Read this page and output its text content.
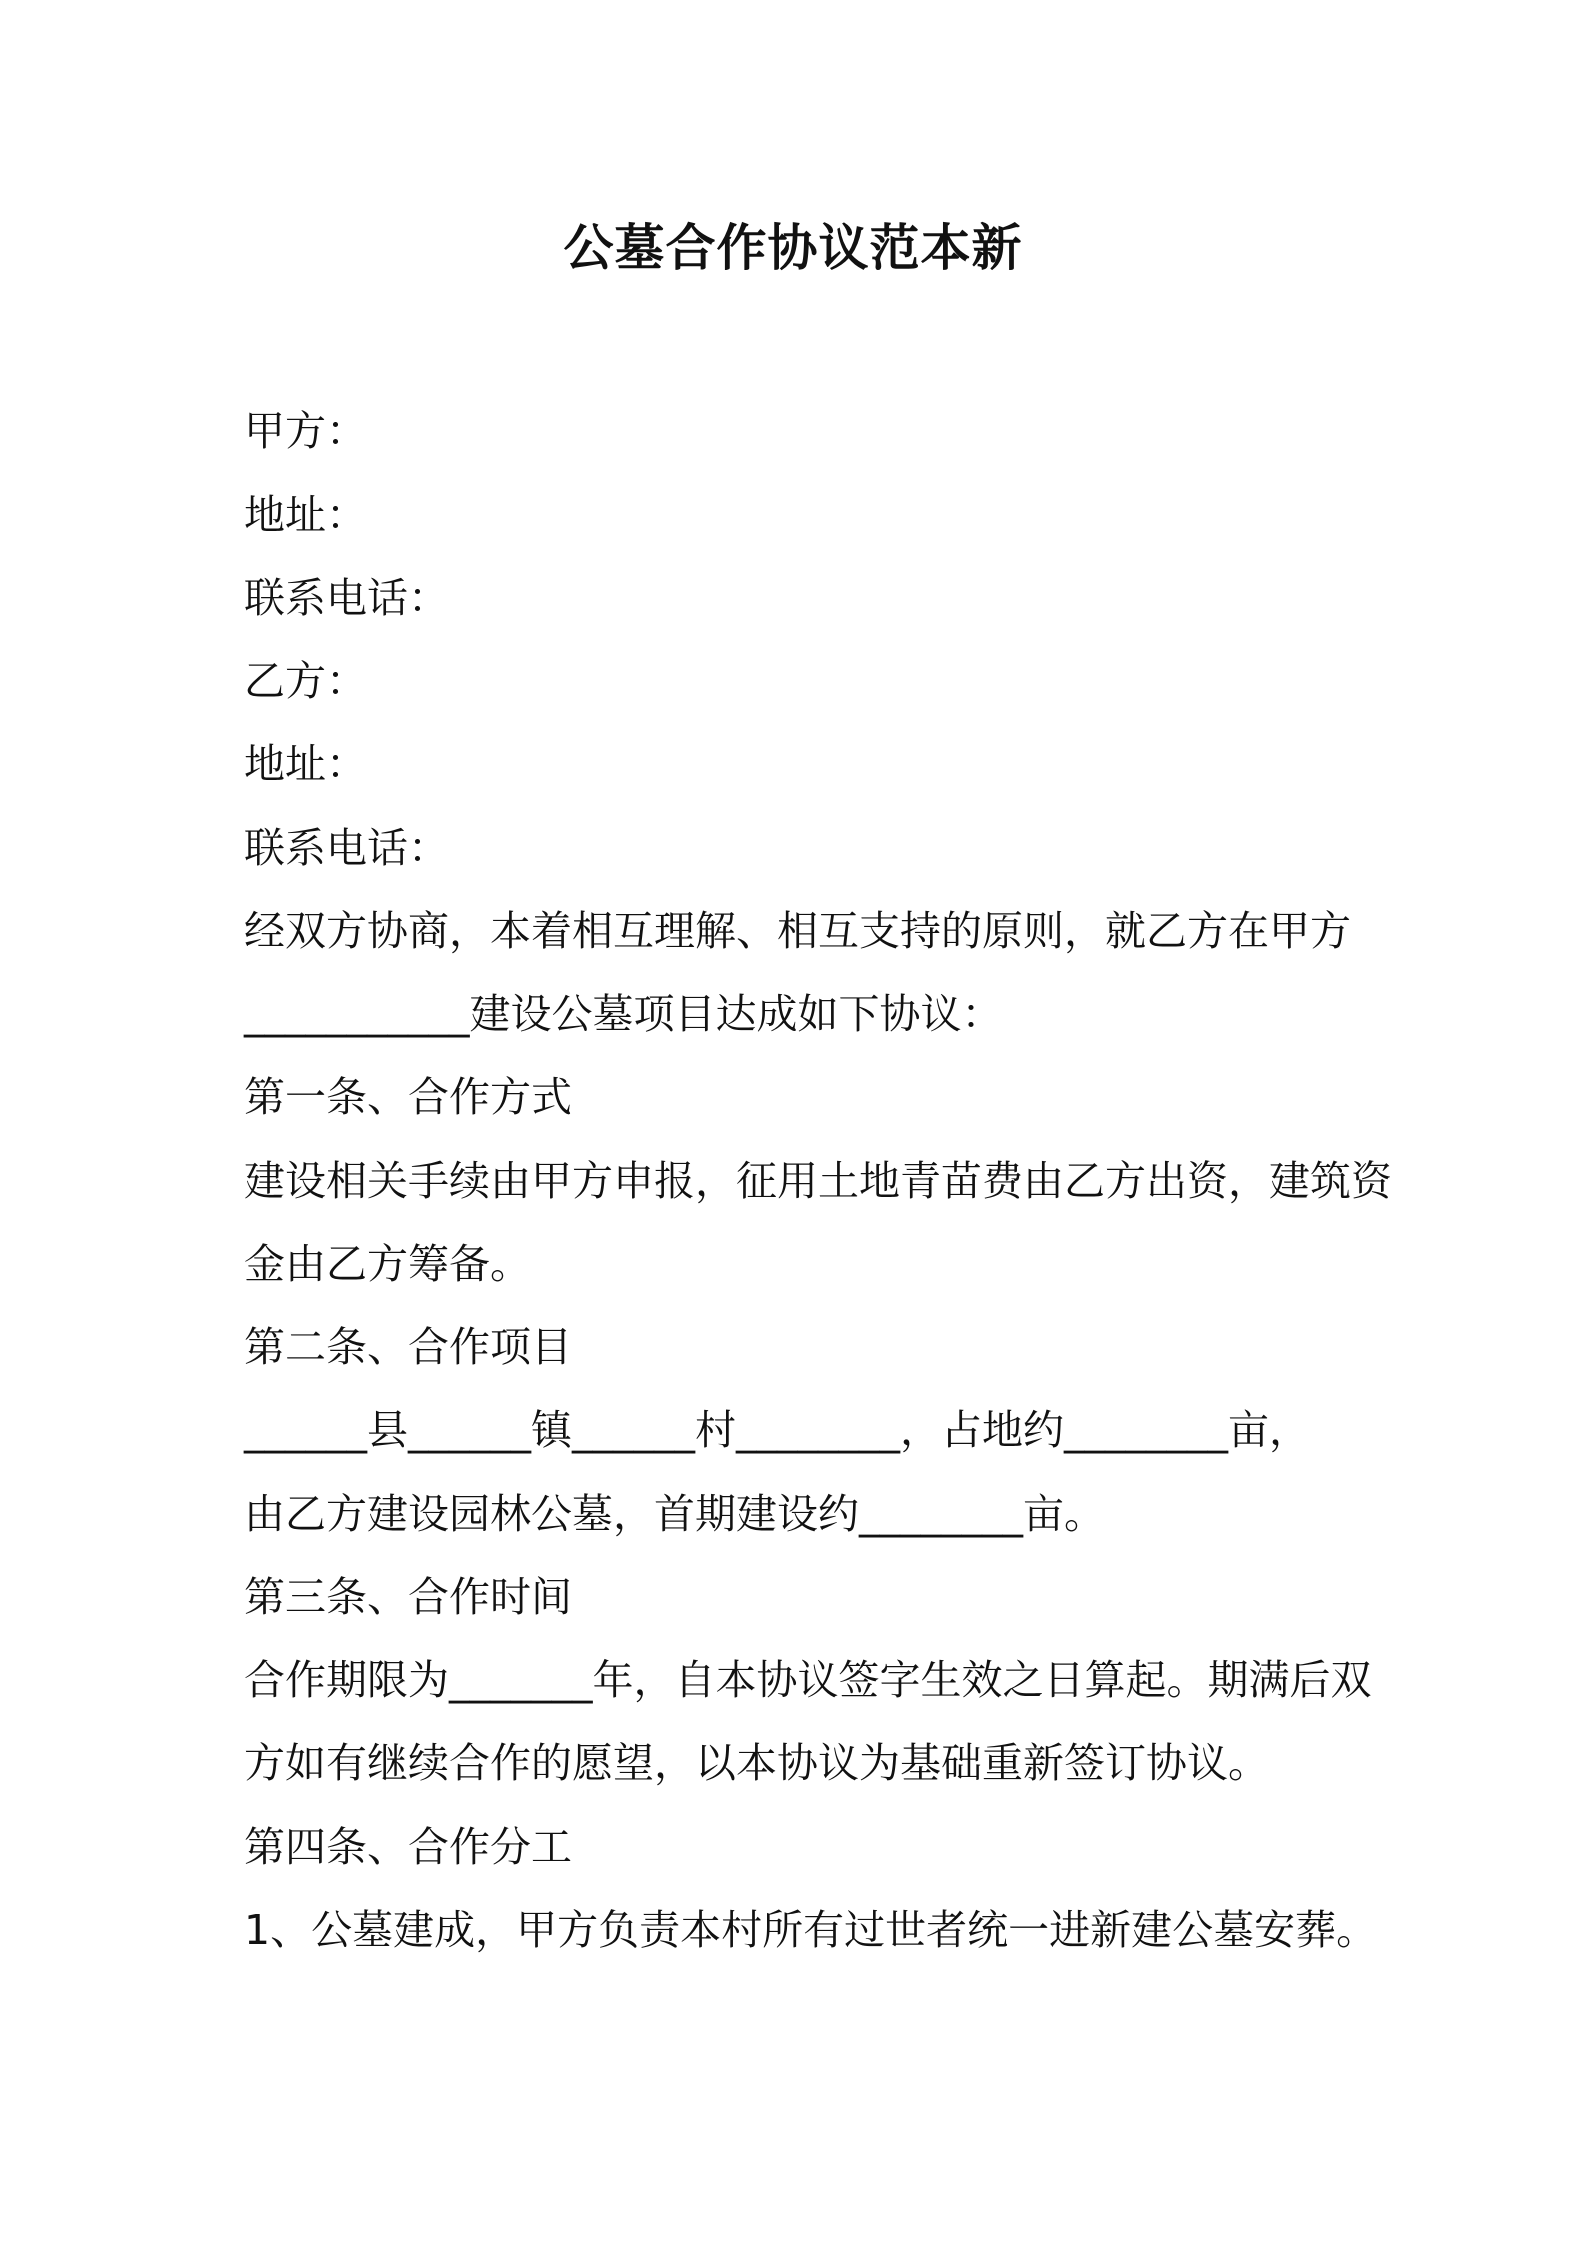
公墓合作协议范本新
甲方：
地址：
联系电话：
乙方：
地址：
联系电话：
经双方协商，本着相互理解、相互支持的原则，就乙方在甲方
___________建设公墓项目达成如下协议：
第一条、合作方式
建设相关手续由甲方申报，征用土地青苗费由乙方出资，建筑资
金由乙方筹备。
第二条、合作项目
______县______镇______村________，占地约________亩，
由乙方建设园林公墓，首期建设约________亩。
第三条、合作时间
合作期限为_______年，自本协议签字生效之日算起。期满后双
方如有继续合作的愿望，以本协议为基础重新签订协议。
第四条、合作分工
1、公墓建成，甲方负责本村所有过世者统一进新建公墓安葬。
